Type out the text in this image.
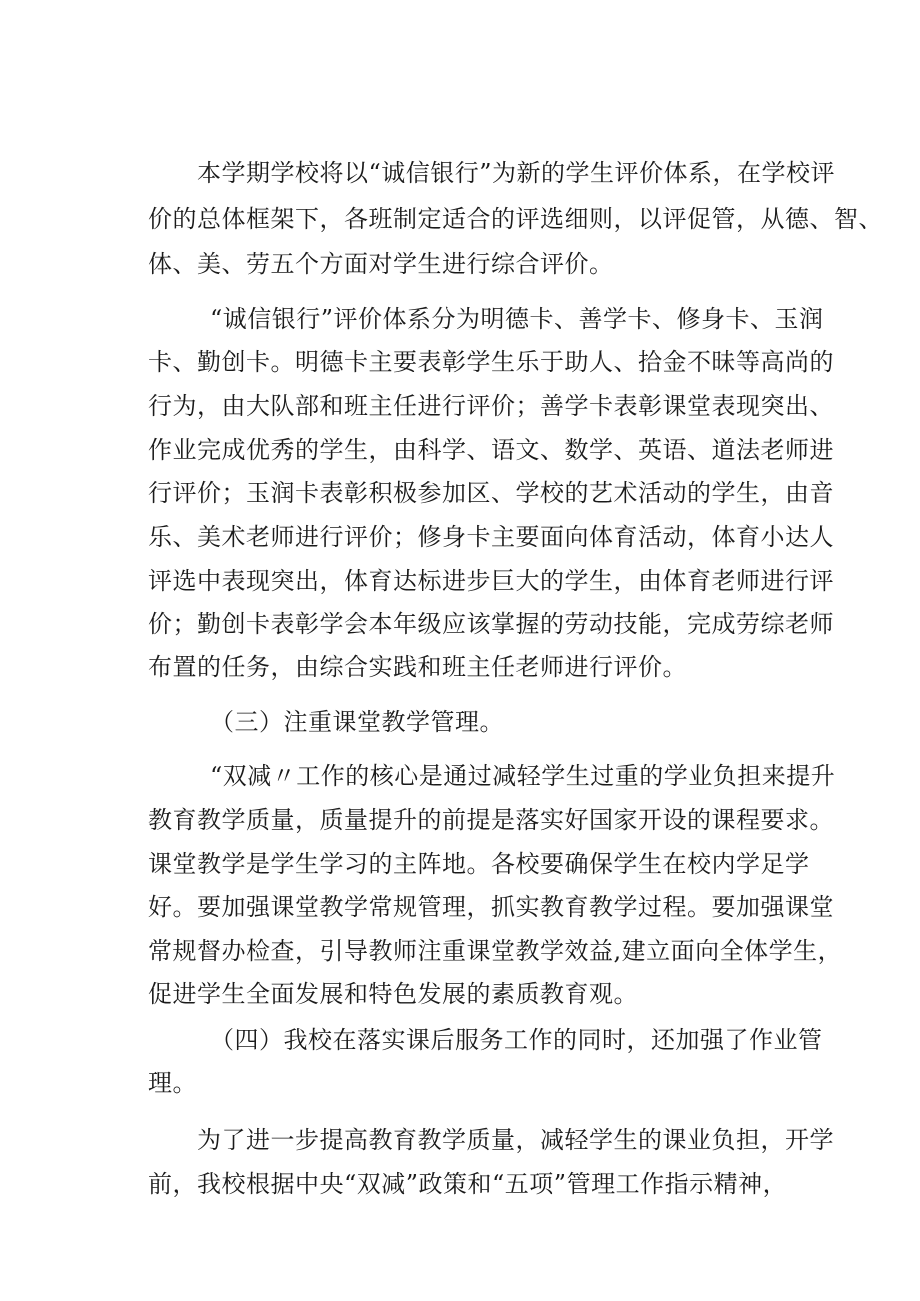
本学期学校将以“诚信银行”为新的学生评价体系，在学校评
价的总体框架下，各班制定适合的评选细则，以评促管，从德、智、
体、美、劳五个方面对学生进行综合评价。
“诚信银行”评价体系分为明德卡、善学卡、修身卡、玉润
卡、勤创卡。明德卡主要表彰学生乐于助人、拾金不昧等高尚的
行为，由大队部和班主任进行评价；善学卡表彰课堂表现突出、
作业完成优秀的学生，由科学、语文、数学、英语、道法老师进
行评价；玉润卡表彰积极参加区、学校的艺术活动的学生，由音
乐、美术老师进行评价；修身卡主要面向体育活动，体育小达人
评选中表现突出，体育达标进步巨大的学生，由体育老师进行评
价；勤创卡表彰学会本年级应该掌握的劳动技能，完成劳综老师
布置的任务，由综合实践和班主任老师进行评价。
（三）注重课堂教学管理。
“双减〃工作的核心是通过减轻学生过重的学业负担来提升
教育教学质量，质量提升的前提是落实好国家开设的课程要求。
课堂教学是学生学习的主阵地。各校要确保学生在校内学足学
好。要加强课堂教学常规管理，抓实教育教学过程。要加强课堂
常规督办检查，引导教师注重课堂教学效益,建立面向全体学生，
促进学生全面发展和特色发展的素质教育观。
（四）我校在落实课后服务工作的同时，还加强了作业管
理。
为了进一步提高教育教学质量，减轻学生的课业负担，开学
前，我校根据中央“双减”政策和“五项”管理工作指示精神，
